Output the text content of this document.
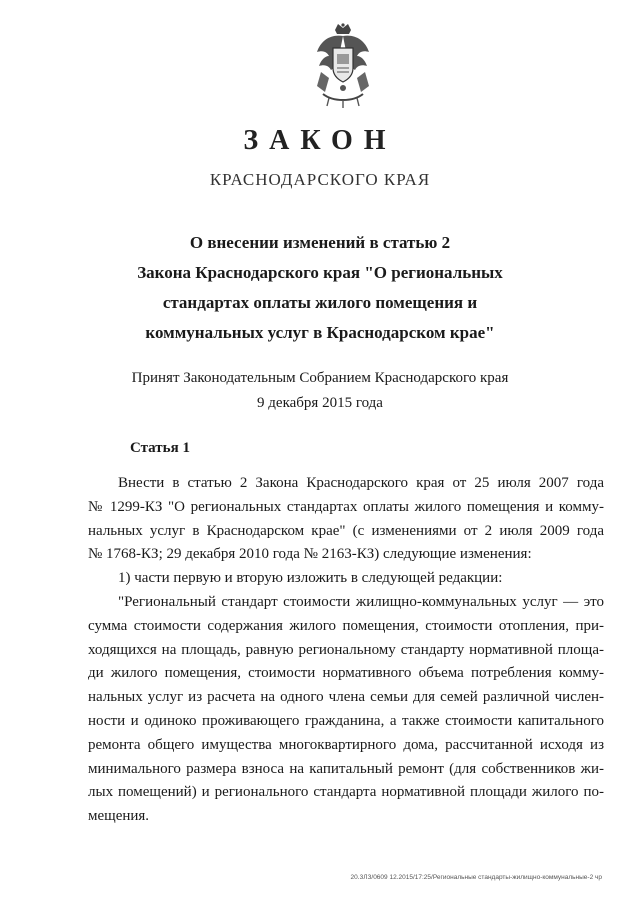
ЗАКОН
КРАСНОДАРСКОГО КРАЯ
О внесении изменений в статью 2
Закона Краснодарского края "О региональных
стандартах оплаты жилого помещения и
коммунальных услуг в Краснодарском крае"
Принят Законодательным Собранием Краснодарского края
9 декабря 2015 года
Статья 1
Внести в статью 2 Закона Краснодарского края от 25 июля 2007 года
№ 1299-КЗ "О региональных стандартах оплаты жилого помещения и комму-
нальных услуг в Краснодарском крае" (с изменениями от 2 июля 2009 года
№ 1768-КЗ; 29 декабря 2010 года № 2163-КЗ) следующие изменения:
1) части первую и вторую изложить в следующей редакции:
"Региональный стандарт стоимости жилищно-коммунальных услуг — это
сумма стоимости содержания жилого помещения, стоимости отопления, при-
ходящихся на площадь, равную региональному стандарту нормативной площа-
ди жилого помещения, стоимости нормативного объема потребления комму-
нальных услуг из расчета на одного члена семьи для семей различной числен-
ности и одиноко проживающего гражданина, а также стоимости капитального
ремонта общего имущества многоквартирного дома, рассчитанной исходя из
минимального размера взноса на капитальный ремонт (для собственников жи-
лых помещений) и регионального стандарта нормативной площади жилого по-
мещения.
20.3ЛЗ/0609 12.2015/17:25/Региональные стандарты-жилищно-коммунальные-2 чр
